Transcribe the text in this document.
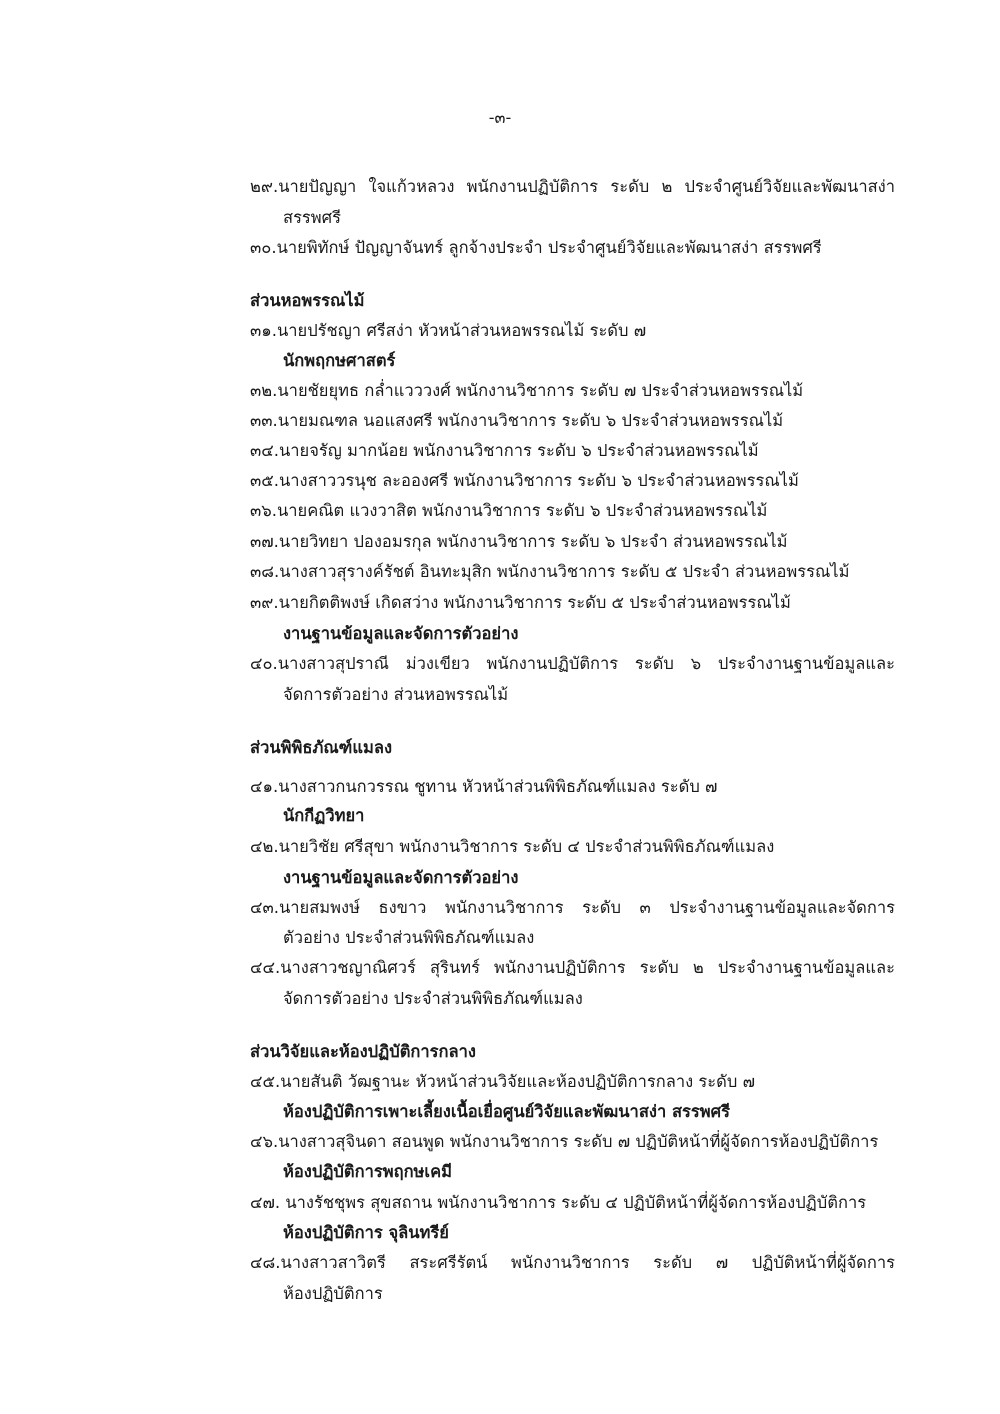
-๓-
๒๙.นายปัญญา ใจแก้วหลวง พนักงานปฏิบัติการ ระดับ ๒ ประจำศูนย์วิจัยและพัฒนาสง่า
สรรพศรี
๓๐.นายพิทักษ์ ปัญญาจันทร์ ลูกจ้างประจำ ประจำศูนย์วิจัยและพัฒนาสง่า สรรพศรี
ส่วนหอพรรณไม้
๓๑.นายปรัชญา ศรีสง่า หัวหน้าส่วนหอพรรณไม้ ระดับ ๗
นักพฤกษศาสตร์
๓๒.นายชัยยุทธ กล่ำแวววงศ์ พนักงานวิชาการ ระดับ ๗ ประจำส่วนหอพรรณไม้
๓๓.นายมณฑล นอแสงศรี พนักงานวิชาการ ระดับ ๖ ประจำส่วนหอพรรณไม้
๓๔.นายจรัญ มากน้อย พนักงานวิชาการ ระดับ ๖ ประจำส่วนหอพรรณไม้
๓๕.นางสาววรนุช ละอองศรี พนักงานวิชาการ ระดับ ๖ ประจำส่วนหอพรรณไม้
๓๖.นายคณิต แวงวาสิต พนักงานวิชาการ ระดับ ๖ ประจำส่วนหอพรรณไม้
๓๗.นายวิทยา ปองอมรกุล พนักงานวิชาการ ระดับ ๖ ประจำ ส่วนหอพรรณไม้
๓๘.นางสาวสุรางค์รัชต์ อินทะมุสิก พนักงานวิชาการ ระดับ ๕ ประจำ ส่วนหอพรรณไม้
๓๙.นายกิตติพงษ์ เกิดสว่าง พนักงานวิชาการ ระดับ ๕ ประจำส่วนหอพรรณไม้
งานฐานข้อมูลและจัดการตัวอย่าง
๔๐.นางสาวสุปราณี ม่วงเขียว พนักงานปฏิบัติการ ระดับ ๖ ประจำงานฐานข้อมูลและ
จัดการตัวอย่าง ส่วนหอพรรณไม้
ส่วนพิพิธภัณฑ์แมลง
๔๑.นางสาวกนกวรรณ ชูทาน หัวหน้าส่วนพิพิธภัณฑ์แมลง ระดับ ๗
นักกีฏวิทยา
๔๒.นายวิชัย ศรีสุขา พนักงานวิชาการ ระดับ ๔ ประจำส่วนพิพิธภัณฑ์แมลง
งานฐานข้อมูลและจัดการตัวอย่าง
๔๓.นายสมพงษ์ ธงขาว พนักงานวิชาการ ระดับ ๓ ประจำงานฐานข้อมูลและจัดการ
ตัวอย่าง ประจำส่วนพิพิธภัณฑ์แมลง
๔๔.นางสาวชญาณิศวร์ สุรินทร์ พนักงานปฏิบัติการ ระดับ ๒ ประจำงานฐานข้อมูลและ
จัดการตัวอย่าง ประจำส่วนพิพิธภัณฑ์แมลง
ส่วนวิจัยและห้องปฏิบัติการกลาง
๔๕.นายสันติ วัฒฐานะ หัวหน้าส่วนวิจัยและห้องปฏิบัติการกลาง ระดับ ๗
ห้องปฏิบัติการเพาะเลี้ยงเนื้อเยื่อศูนย์วิจัยและพัฒนาสง่า สรรพศรี
๔๖.นางสาวสุจินดา สอนพูด พนักงานวิชาการ ระดับ ๗ ปฏิบัติหน้าที่ผู้จัดการห้องปฏิบัติการ
ห้องปฏิบัติการพฤกษเคมี
๔๗. นางรัชชุพร สุขสถาน พนักงานวิชาการ ระดับ ๔ ปฏิบัติหน้าที่ผู้จัดการห้องปฏิบัติการ
ห้องปฏิบัติการ จุลินทรีย์
๔๘.นางสาวสาวิตรี สระศรีรัตน์ พนักงานวิชาการ ระดับ ๗ ปฏิบัติหน้าที่ผู้จัดการ
ห้องปฏิบัติการ
